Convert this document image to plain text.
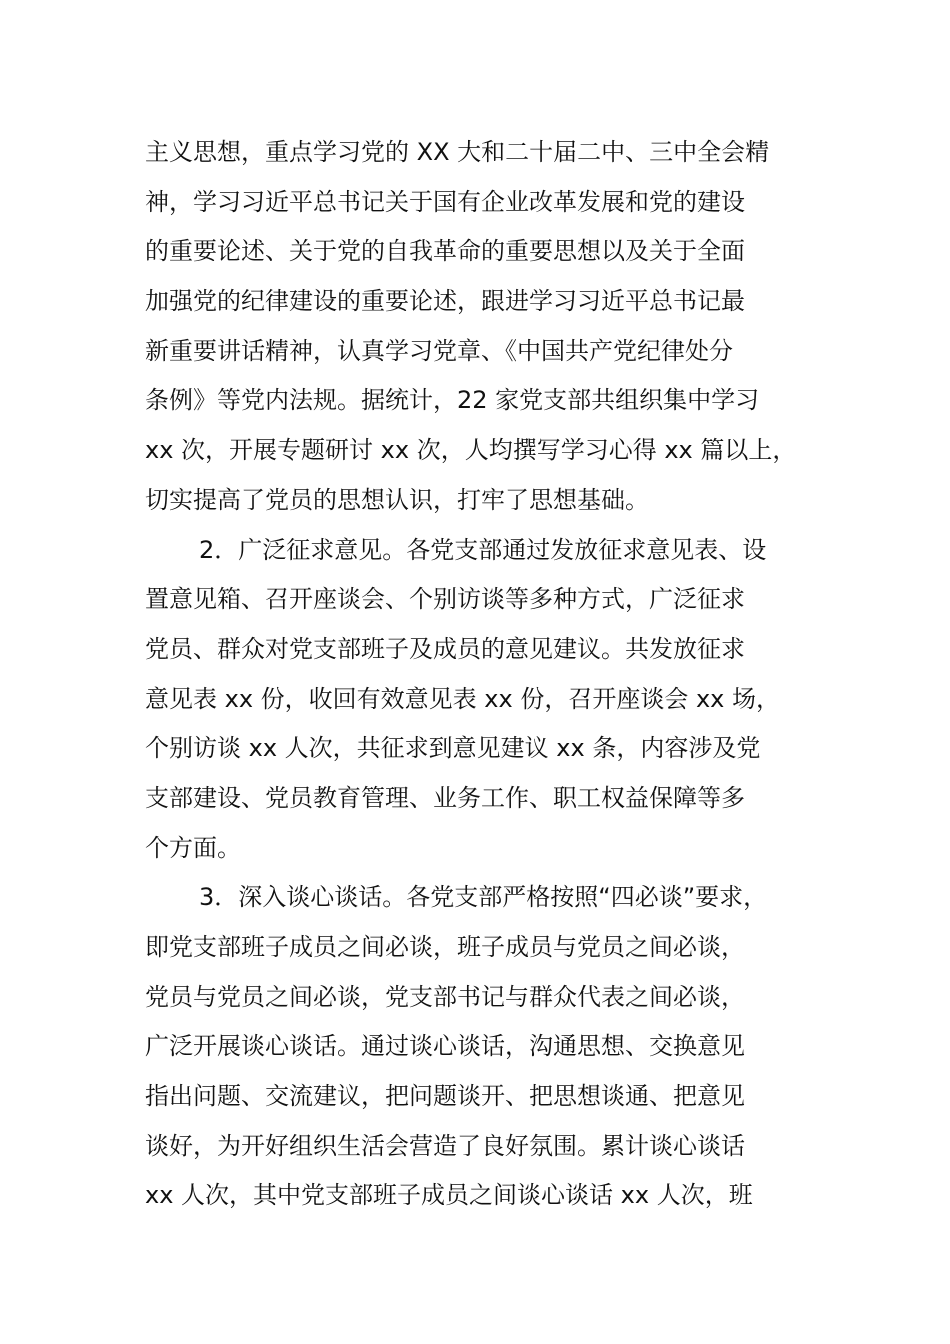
主义思想，重点学习党的 XX 大和二十届二中、三中全会精
神，学习习近平总书记关于国有企业改革发展和党的建设
的重要论述、关于党的自我革命的重要思想以及关于全面
加强党的纪律建设的重要论述，跟进学习习近平总书记最
新重要讲话精神，认真学习党章、《中国共产党纪律处分
条例》等党内法规。据统计，22 家党支部共组织集中学习
xx 次，开展专题研讨 xx 次，人均撰写学习心得 xx 篇以上，
切实提高了党员的思想认识，打牢了思想基础。
2．广泛征求意见。各党支部通过发放征求意见表、设
置意见箱、召开座谈会、个别访谈等多种方式，广泛征求
党员、群众对党支部班子及成员的意见建议。共发放征求
意见表 xx 份，收回有效意见表 xx 份，召开座谈会 xx 场，
个别访谈 xx 人次，共征求到意见建议 xx 条，内容涉及党
支部建设、党员教育管理、业务工作、职工权益保障等多
个方面。
3．深入谈心谈话。各党支部严格按照“四必谈”要求，
即党支部班子成员之间必谈，班子成员与党员之间必谈，
党员与党员之间必谈，党支部书记与群众代表之间必谈，
广泛开展谈心谈话。通过谈心谈话，沟通思想、交换意见
指出问题、交流建议，把问题谈开、把思想谈通、把意见
谈好，为开好组织生活会营造了良好氛围。累计谈心谈话
xx 人次，其中党支部班子成员之间谈心谈话 xx 人次，班
